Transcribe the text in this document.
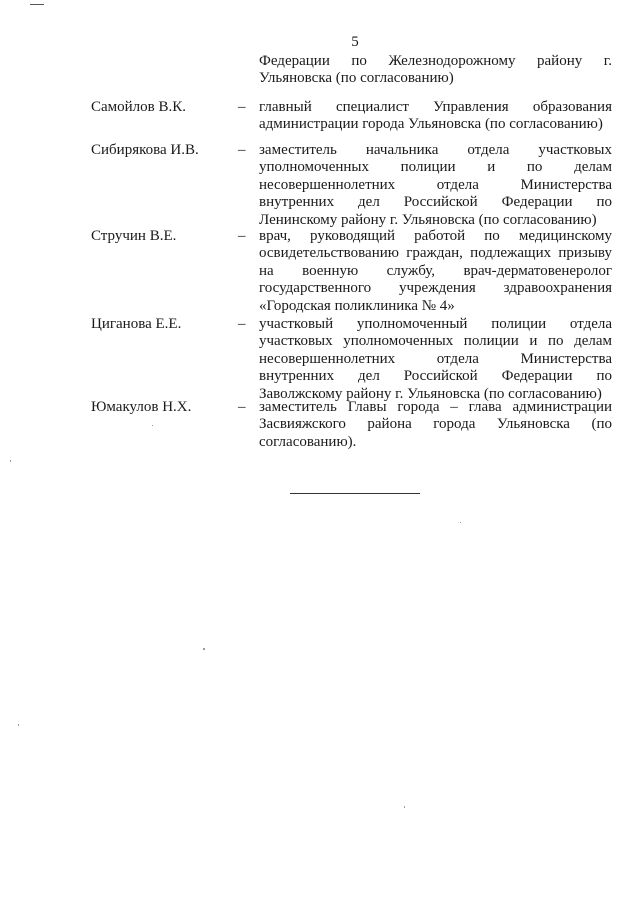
5
Федерации по Железнодорожному району г. Ульяновска (по согласованию)
Самойлов В.К.	– главный специалист Управления образования администрации города Ульяновска (по согласованию)
Сибирякова И.В.	– заместитель начальника отдела участковых уполномоченных полиции и по делам несовершеннолетних отдела Министерства внутренних дел Российской Федерации по Ленинскому району г. Ульяновска (по согласованию)
Стручин В.Е.	– врач, руководящий работой по медицинскому освидетельствованию граждан, подлежащих призыву на военную службу, врач-дерматовенеролог государственного учреждения здравоохранения «Городская поликлиника № 4»
Циганова Е.Е.	– участковый уполномоченный полиции отдела участковых уполномоченных полиции и по делам несовершеннолетних отдела Министерства внутренних дел Российской Федерации по Заволжскому району г. Ульяновска (по согласованию)
Юмакулов Н.Х.	– заместитель Главы города – глава администрации Засвияжского района города Ульяновска (по согласованию).
